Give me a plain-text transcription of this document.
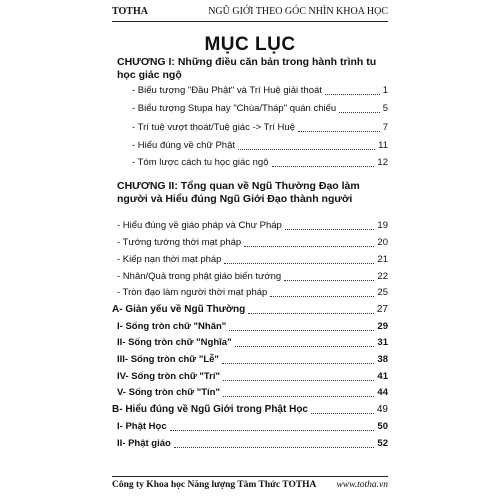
TOTHA	NGŨ GIỚI THEO GÓC NHÌN KHOA HỌC
MỤC LỤC
CHƯƠNG I: Những điều căn bản trong hành trình tu học giác ngộ
CHƯƠNG II: Tổng quan về Ngũ Thường Đạo làm người và Hiểu đúng Ngũ Giới Đạo thành người
- Biểu tượng "Đầu Phật" và Trí Huệ giải thoát	1
- Biểu tượng Stupa hay "Chùa/Tháp" quán chiếu	5
- Trí tuệ vượt thoát/Tuệ giác -> Trí Huệ	7
- Hiểu đúng về chữ Phật	11
- Tóm lược cách tu học giác ngộ	12
- Hiểu đúng về giáo pháp và Chư Pháp	19
- Tướng tướng thời mạt pháp	20
- Kiếp nạn thời mạt pháp	21
- Nhân/Quả trong phật giáo biến tướng	22
- Tròn đạo làm người thời mạt pháp	25
A- Giản yếu về Ngũ Thường	27
I- Sống tròn chữ "Nhân"	29
II- Sống tròn chữ "Nghĩa"	31
III- Sống tròn chữ "Lễ"	38
IV- Sống tròn chữ "Trí"	41
V- Sống tròn chữ "Tín"	44
B- Hiểu đúng về Ngũ Giới trong Phật Học	49
I- Phật Học	50
II- Phật giáo	52
Công ty Khoa học Năng lượng Tâm Thức TOTHA www.totha.vn
